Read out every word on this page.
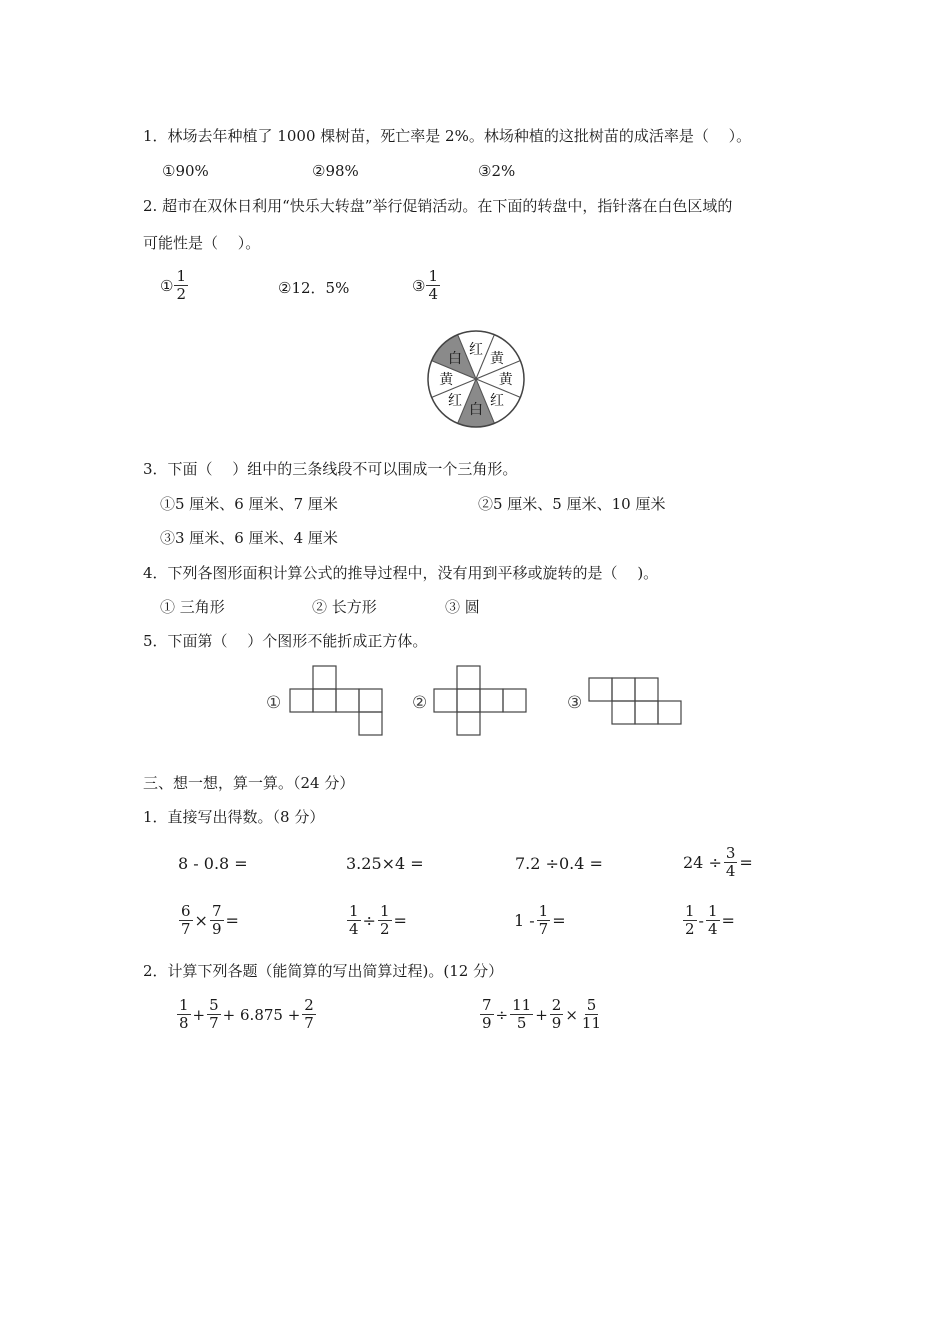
1．林场去年种植了 1000 棵树苗，死亡率是 2%。林场种植的这批树苗的成活率是（　 ）。
①90%	②98%	③2%
2. 超市在双休日利用“快乐大转盘”举行促销活动。在下面的转盘中，指针落在白色区域的
可能性是（　 ）。
① $\frac{1}{2}$	②12．5%	③ $\frac{1}{4}$
红
黄
黄
红
白
红
黄
白
3．下面（　 ）组中的三条线段不可以围成一个三角形。
①5 厘米、6 厘米、7 厘米	②5 厘米、5 厘米、10 厘米
③3 厘米、6 厘米、4 厘米
4．下列各图形面积计算公式的推导过程中，没有用到平移或旋转的是（　 )。
① 三角形	② 长方形	③ 圆
5．下面第（　 ）个图形不能折成正方体。
①	②	③
三、想一想，算一算。（24 分）
1．直接写出得数。（8 分）
8 - 0.8 =	3.25×4 =	7.2 ÷0.4 =	$24 \div \frac{3}{4}$ =
$\frac{6}{7} \times \frac{7}{9}$ =	$\frac{1}{4} \div \frac{1}{2}$ =	$1 - \frac{1}{7}$ =	$\frac{1}{2} - \frac{1}{4}$ =
2．计算下列各题（能简算的写出简算过程)。(12 分）
$\frac{1}{8} + \frac{5}{7} + 6.875 + \frac{2}{7}$	$\frac{7}{9} \div \frac{11}{5} + \frac{2}{9} \times \frac{5}{11}$
